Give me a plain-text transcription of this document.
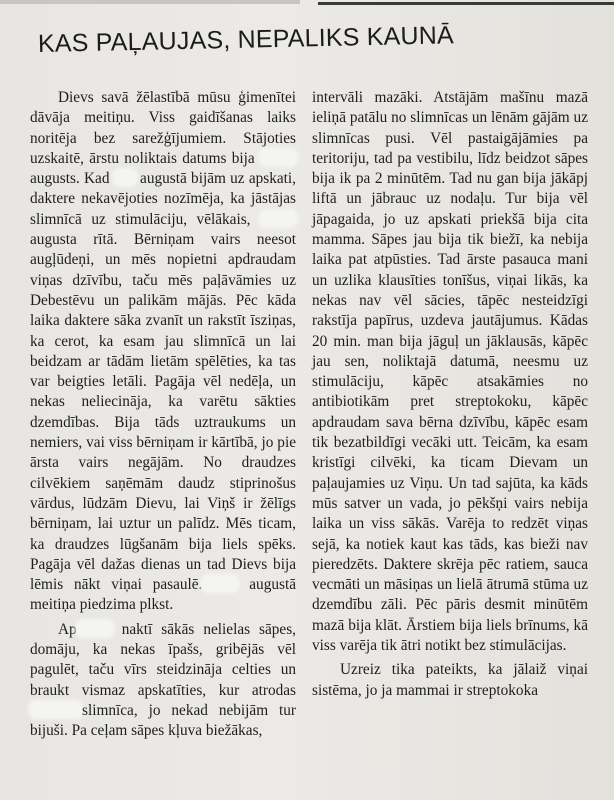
KAS PAĻAUJAS, NEPALIKS KAUNĀ

Dievs savā žēlastībā mūsu ģimenītei dāvāja meitiņu. Viss gaidīšanas laiks noritēja bez sarežģījumiem. Stājoties uzskaitē, ārstu noliktais datums bija augusts. Kad augustā bijām uz apskati, daktere nekavējoties nozīmēja, ka jāstājas slimnīcā uz stimulāciju, vēlākais,  augusta rītā. Bērniņam vairs neesot augļūdeņi, un mēs nopietni apdraudam viņas dzīvību, taču mēs paļāvāmies uz Debestēvu un palikām mājās. Pēc kāda laika daktere sāka zvanīt un rakstīt īsziņas, ka cerot, ka esam jau slimnīcā un lai beidzam ar tādām lietām spēlēties, ka tas var beigties letāli. Pagāja vēl nedēļa, un nekas neliecināja, ka varētu sākties dzemdības. Bija tāds uztraukums un nemiers, vai viss bērniņam ir kārtībā, jo pie ārsta vairs negājām. No draudzes cilvēkiem saņēmām daudz stiprinošus vārdus, lūdzām Dievu, lai Viņš ir žēlīgs bērniņam, lai uztur un palīdz. Mēs ticam, ka draudzes lūgšanām bija liels spēks. Pagāja vēl dažas dienas un tad Dievs bija lēmis nākt viņai pasaulē.	augustā meitiņa piedzima plkst.

Ap	naktī sākās nelielas sāpes, domāju, ka nekas īpašs, gribējās vēl pagulēt, taču vīrs steidzināja celties un braukt vismaz apskatīties, kur atrodas slimnīca, jo nekad nebijām tur bijuši. Pa ceļam sāpes kļuva biežākas,

intervāli mazāki. Atstājām mašīnu mazā ieliņā patālu no slimnīcas un lēnām gājām uz slimnīcas pusi. Vēl pastaigājāmies pa teritoriju, tad pa vestibilu, līdz beidzot sāpes bija ik pa 2 minūtēm. Tad nu gan bija jākāpj liftā un jābrauc uz nodaļu. Tur bija vēl jāpagaida, jo uz apskati priekšā bija cita mamma. Sāpes jau bija tik biežī, ka nebija laika pat atpūsties. Tad ārste pasauca mani un uzlika klausīties tonīšus, viņai likās, ka nekas nav vēl sācies, tāpēc nesteidzīgi rakstīja papīrus, uzdeva jautājumus. Kādas 20 min. man bija jāguļ un jāklausās, kāpēc jau sen, noliktajā datumā, neesmu uz stimulāciju, kāpēc atsakāmies no antibiotikām pret streptokoku, kāpēc apdraudam sava bērna dzīvību, kāpēc esam tik bezatbildīgi vecāki utt. Teicām, ka esam kristīgi cilvēki, ka ticam Dievam un paļaujamies uz Viņu. Un tad sajūta, ka kāds mūs satver un vada, jo pēkšņi vairs nebija laika un viss sākās. Varēja to redzēt viņas sejā, ka notiek kaut kas tāds, kas bieži nav pieredzēts. Daktere skrēja pēc ratiem, sauca vecmāti un māsiņas un lielā ātrumā stūma uz dzemdību zāli. Pēc pāris desmit minūtēm mazā bija klāt. Ārstiem bija liels brīnums, kā viss varēja tik ātri notikt bez stimulācijas.

Uzreiz tika pateikts, ka jālaiž viņai sistēma, jo ja mammai ir streptokoka
